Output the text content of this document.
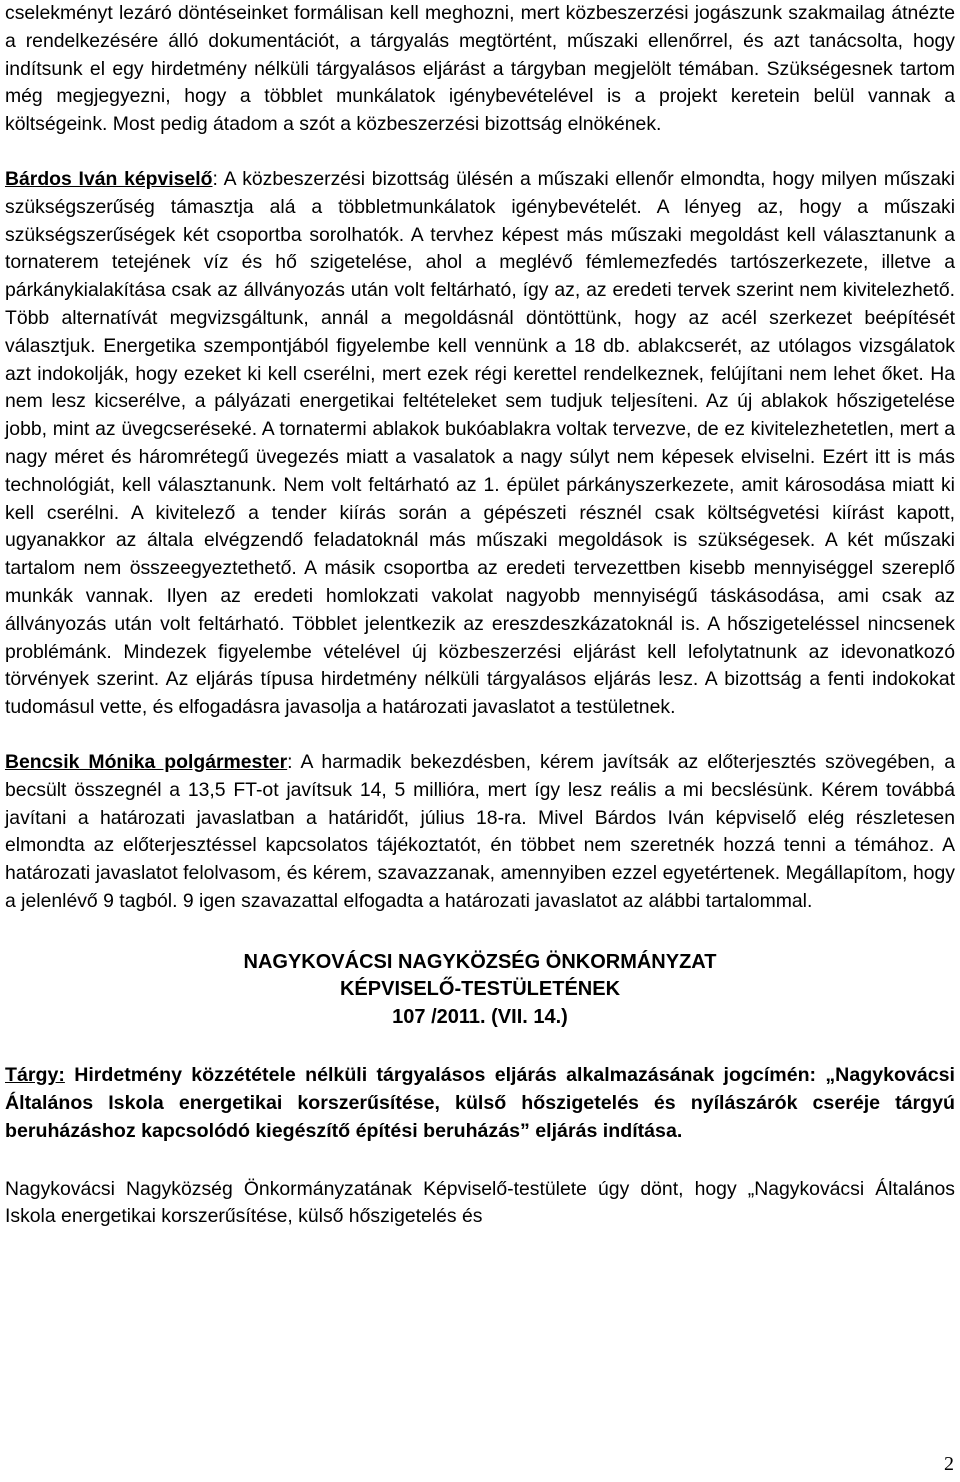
cselekményt lezáró döntéseinket formálisan kell meghozni, mert közbeszerzési jogászunk szakmailag átnézte a rendelkezésére álló dokumentációt, a tárgyalás megtörtént, műszaki ellenőrrel, és azt tanácsolta, hogy indítsunk el egy hirdetmény nélküli tárgyalásos eljárást a tárgyban megjelölt témában. Szükségesnek tartom még megjegyezni, hogy a többlet munkálatok igénybevételével is a projekt keretein belül vannak a költségeink. Most pedig átadom a szót a közbeszerzési bizottság elnökének.

Bárdos Iván képviselő: A közbeszerzési bizottság ülésén a műszaki ellenőr elmondta, hogy milyen műszaki szükségszerűség támasztja alá a többletmunkálatok igénybevételét. A lényeg az, hogy a műszaki szükségszerűségek két csoportba sorolhatók. A tervhez képest más műszaki megoldást kell választanunk a tornaterem tetejének víz és hő szigetelése, ahol a meglévő fémlemezfedés tartószerkezete, illetve a párkánykialakítása csak az állványozás után volt feltárható, így az, az eredeti tervek szerint nem kivitelezhető. Több alternatívát megvizsgáltunk, annál a megoldásnál döntöttünk, hogy az acél szerkezet beépítését választjuk. Energetika szempontjából figyelembe kell vennünk a 18 db. ablakcserét, az utólagos vizsgálatok azt indokolják, hogy ezeket ki kell cserélni, mert ezek régi kerettel rendelkeznek, felújítani nem lehet őket. Ha nem lesz kicserélve, a pályázati energetikai feltételeket sem tudjuk teljesíteni. Az új ablakok hőszigetelése jobb, mint az üvegcseréseké. A tornatermi ablakok bukóablakra voltak tervezve, de ez kivitelezhetetlen, mert a nagy méret és háromrétegű üvegezés miatt a vasalatok a nagy súlyt nem képesek elviselni. Ezért itt is más technológiát, kell választanunk. Nem volt feltárható az 1. épület párkányszerkezete, amit károsodása miatt ki kell cserélni. A kivitelező a tender kiírás során a gépészeti résznél csak költségvetési kiírást kapott, ugyanakkor az általa elvégzendő feladatoknál más műszaki megoldások is szükségesek. A két műszaki tartalom nem összeegyeztethető. A másik csoportba az eredeti tervezettben kisebb mennyiséggel szereplő munkák vannak. Ilyen az eredeti homlokzati vakolat nagyobb mennyiségű táskásodása, ami csak az állványozás után volt feltárható. Többlet jelentkezik az ereszdeszkázatoknál is. A hőszigeteléssel nincsenek problémánk. Mindezek figyelembe vételével új közbeszerzési eljárást kell lefolytatnunk az idevonatkozó törvények szerint. Az eljárás típusa hirdetmény nélküli tárgyalásos eljárás lesz. A bizottság a fenti indokokat tudomásul vette, és elfogadásra javasolja a határozati javaslatot a testületnek.

Bencsik Mónika polgármester: A harmadik bekezdésben, kérem javítsák az előterjesztés szövegében, a becsült összegnél a 13,5 FT-ot javítsuk 14, 5 millióra, mert így lesz reális a mi becslésünk. Kérem továbbá javítani a határozati javaslatban a határidőt, július 18-ra. Mivel Bárdos Iván képviselő elég részletesen elmondta az előterjesztéssel kapcsolatos tájékoztatót, én többet nem szeretnék hozzá tenni a témához. A határozati javaslatot felolvasom, és kérem, szavazzanak, amennyiben ezzel egyetértenek. Megállapítom, hogy a jelenlévő 9 tagból. 9 igen szavazattal elfogadta a határozati javaslatot az alábbi tartalommal.

NAGYKOVÁCSI NAGYKÖZSÉG ÖNKORMÁNYZAT
KÉPVISELŐ-TESTÜLETÉNEK
107 /2011. (VII. 14.)

Tárgy: Hirdetmény közzététele nélküli tárgyalásos eljárás alkalmazásának jogcímén: „Nagykovácsi Általános Iskola energetikai korszerűsítése, külső hőszigetelés és nyílászárók cseréje tárgyú beruházáshoz kapcsolódó kiegészítő építési beruházás” eljárás indítása.

Nagykovácsi Nagyközség Önkormányzatának Képviselő-testülete úgy dönt, hogy „Nagykovácsi Általános Iskola energetikai korszerűsítése, külső hőszigetelés és

2
